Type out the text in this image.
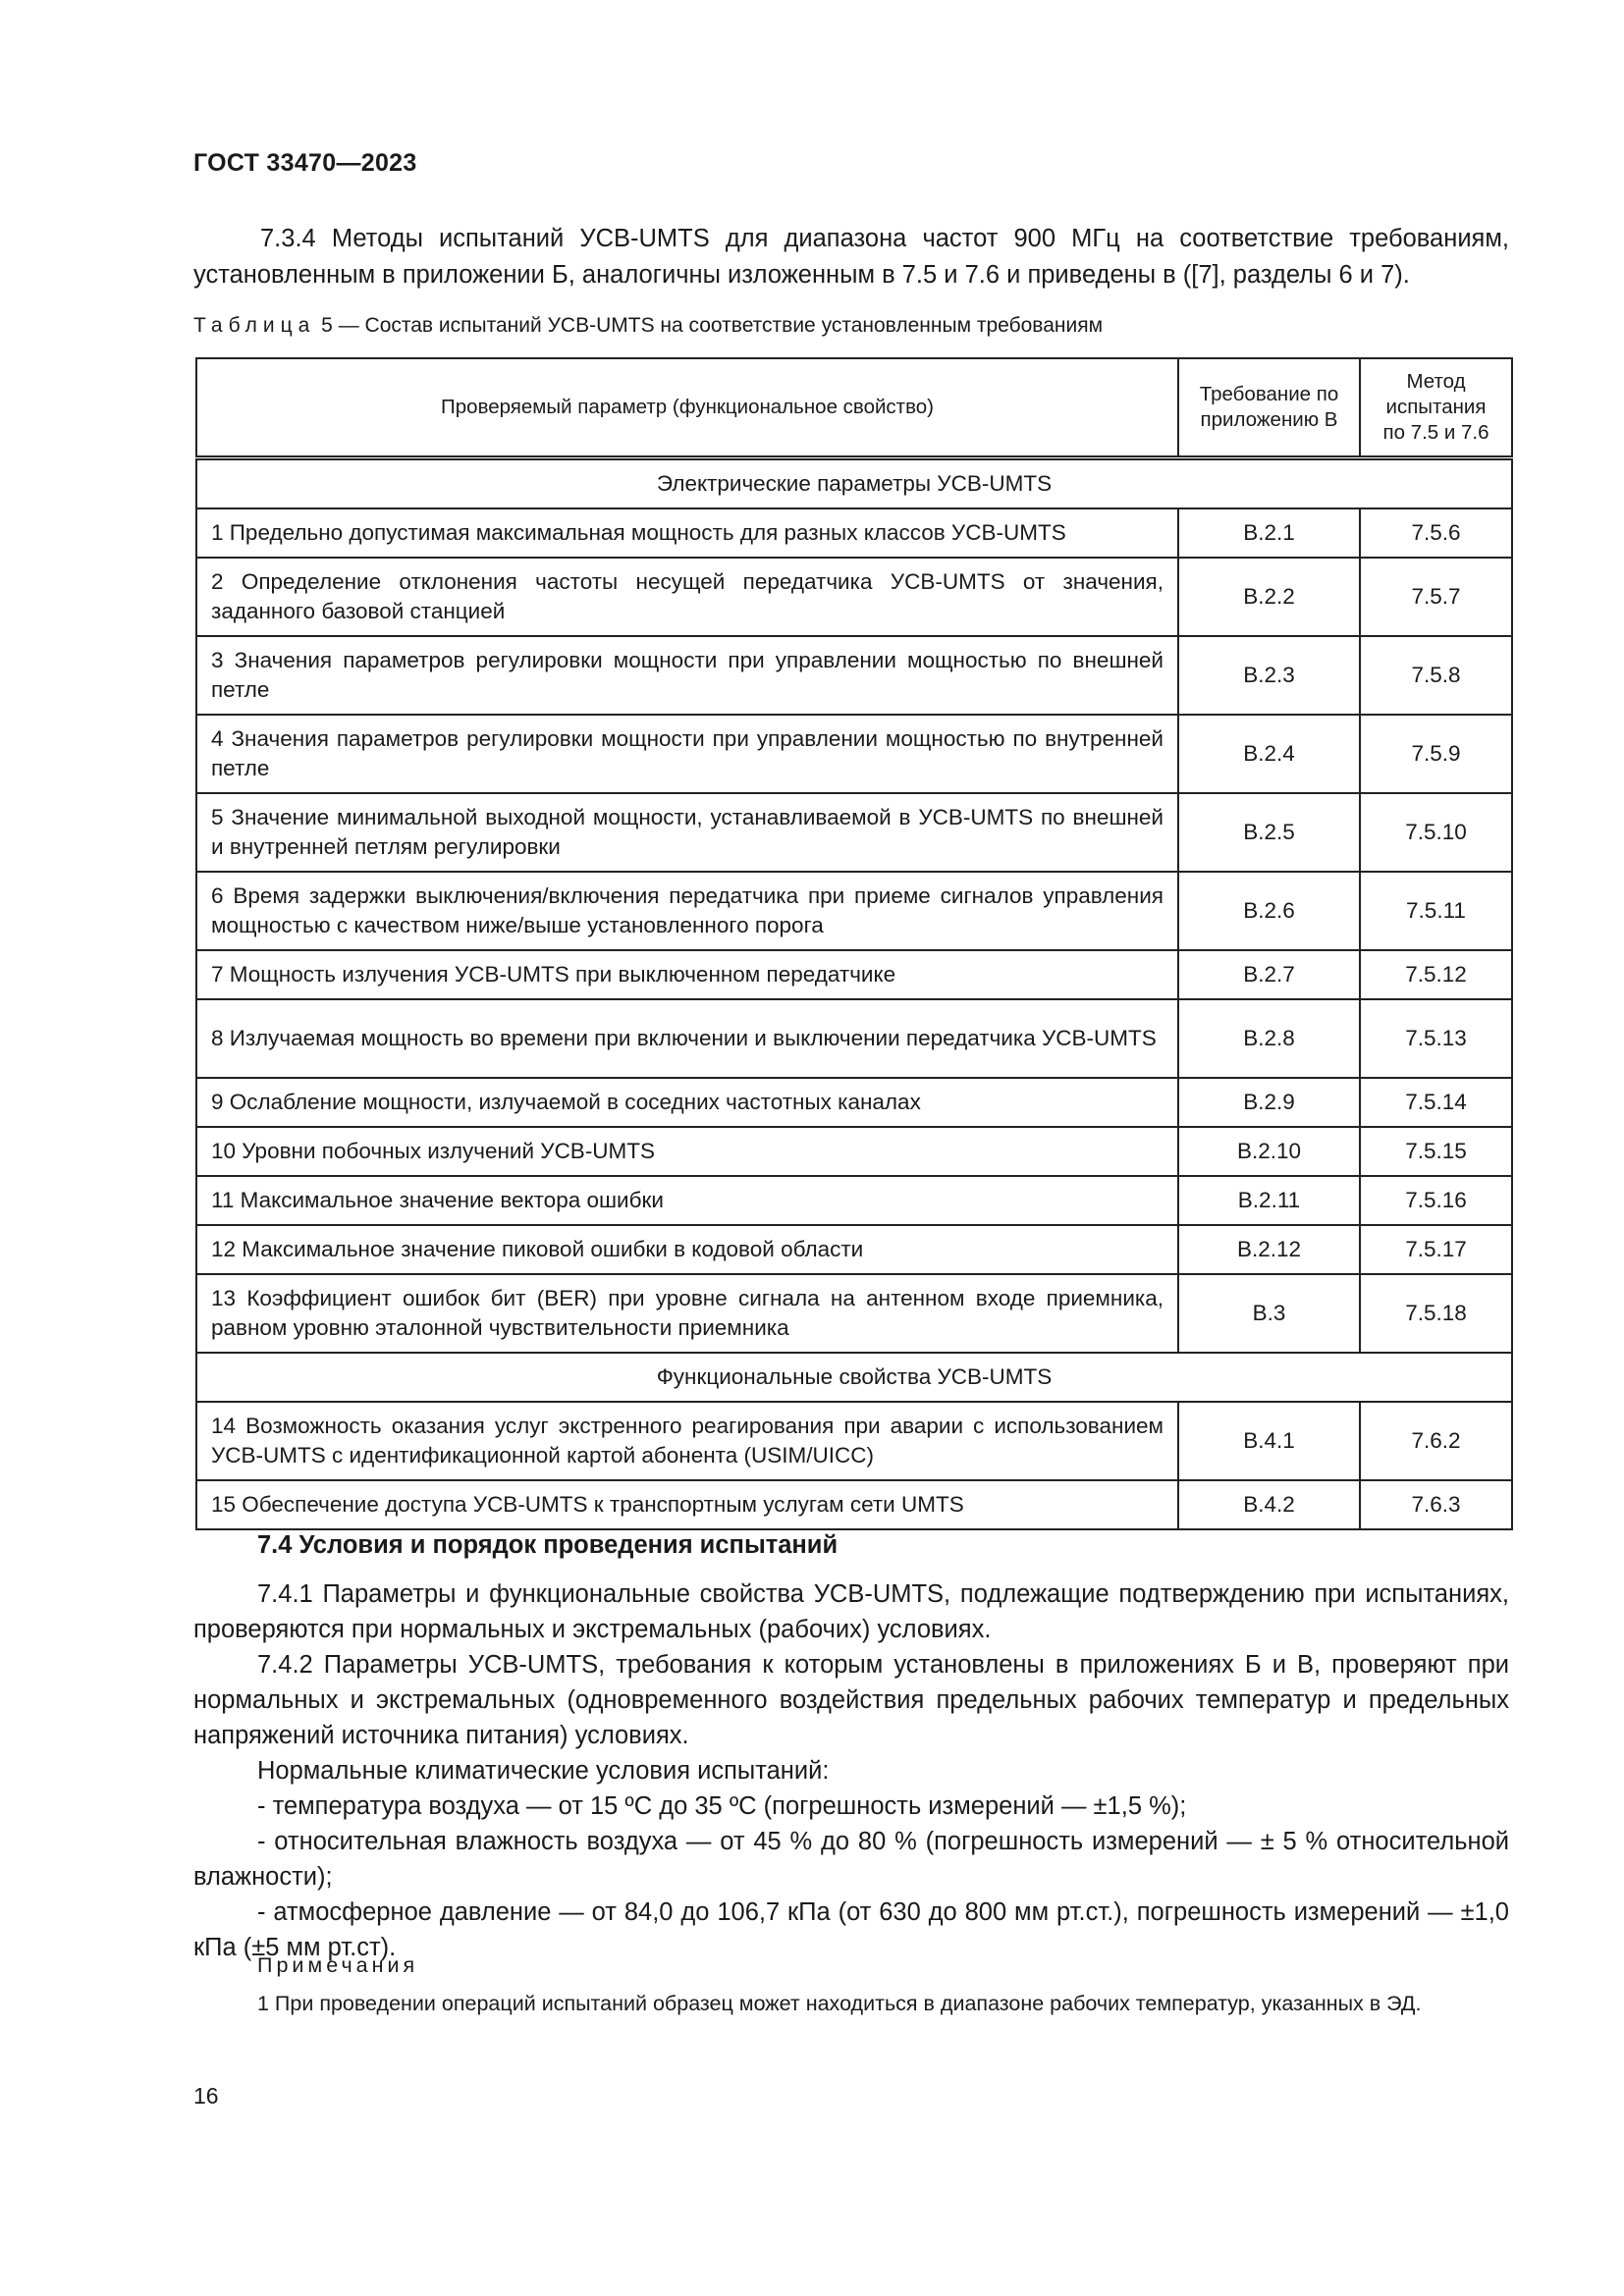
ГОСТ 33470—2023
7.3.4 Методы испытаний УСВ-UMTS для диапазона частот 900 МГц на соответствие требованиям, установленным в приложении Б, аналогичны изложенным в 7.5 и 7.6 и приведены в ([7], разделы 6 и 7).
Таблица 5 — Состав испытаний УСВ-UMTS на соответствие установленным требованиям
Проверяемый параметр (функциональное свойство)	Требование по приложению В	Метод испытания по 7.5 и 7.6
Электрические параметры УСВ-UMTS		
1 Предельно допустимая максимальная мощность для разных классов УСВ-UMTS	В.2.1	7.5.6
2 Определение отклонения частоты несущей передатчика УСВ-UMTS от значения, заданного базовой станцией	В.2.2	7.5.7
3 Значения параметров регулировки мощности при управлении мощностью по внешней петле	В.2.3	7.5.8
4 Значения параметров регулировки мощности при управлении мощностью по внутренней петле	В.2.4	7.5.9
5 Значение минимальной выходной мощности, устанавливаемой в УСВ-UMTS по внешней и внутренней петлям регулировки	В.2.5	7.5.10
6 Время задержки выключения/включения передатчика при приеме сигналов управления мощностью с качеством ниже/выше установленного порога	В.2.6	7.5.11
7 Мощность излучения УСВ-UMTS при выключенном передатчике	В.2.7	7.5.12
8 Излучаемая мощность во времени при включении и выключении передатчика УСВ-UMTS	В.2.8	7.5.13
9 Ослабление мощности, излучаемой в соседних частотных каналах	В.2.9	7.5.14
10 Уровни побочных излучений УСВ-UMTS	В.2.10	7.5.15
11 Максимальное значение вектора ошибки	В.2.11	7.5.16
12 Максимальное значение пиковой ошибки в кодовой области	В.2.12	7.5.17
13 Коэффициент ошибок бит (BER) при уровне сигнала на антенном входе приемника, равном уровню эталонной чувствительности приемника	В.3	7.5.18
Функциональные свойства УСВ-UMTS		
14 Возможность оказания услуг экстренного реагирования при аварии с использованием УСВ-UMTS с идентификационной картой абонента (USIM/UICC)	В.4.1	7.6.2
15 Обеспечение доступа УСВ-UMTS к транспортным услугам сети UMTS	В.4.2	7.6.3
7.4 Условия и порядок проведения испытаний

7.4.1 Параметры и функциональные свойства УСВ-UMTS, подлежащие подтверждению при испытаниях, проверяются при нормальных и экстремальных (рабочих) условиях.

7.4.2 Параметры УСВ-UMTS, требования к которым установлены в приложениях Б и В, проверяют при нормальных и экстремальных (одновременного воздействия предельных рабочих температур и предельных напряжений источника питания) условиях.

Нормальные климатические условия испытаний:

- температура воздуха — от 15 ºС до 35 ºС (погрешность измерений — ±1,5 %);

- относительная влажность воздуха — от 45 % до 80 % (погрешность измерений — ± 5 % относительной влажности);

- атмосферное давление — от 84,0 до 106,7 кПа (от 630 до 800 мм рт.ст.), погрешность измерений — ±1,0 кПа (±5 мм рт.ст).

Примечания

1 При проведении операций испытаний образец может находиться в диапазоне рабочих температур, указанных в ЭД.

16
